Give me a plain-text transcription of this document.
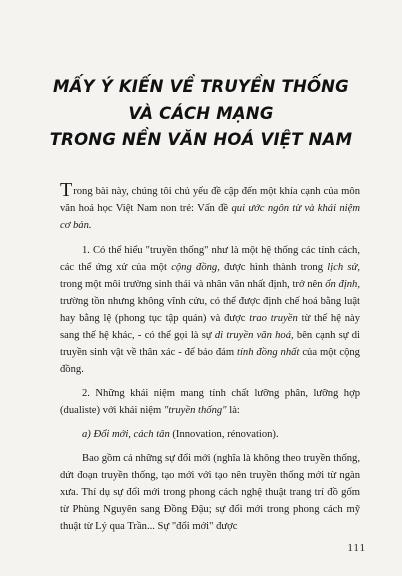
MẤY Ý KIẾN VỀ TRUYỀN THỐNG
VÀ CÁCH MẠNG
TRONG NỀN VĂN HOÁ VIỆT NAM

Trong bài này, chúng tôi chủ yếu đề cập đến một khía cạnh của môn văn hoá học Việt Nam non trẻ: Vấn đề qui ước ngôn từ và khái niệm cơ bản.

1. Có thể hiểu "truyền thống" như là một hệ thống các tính cách, các thể ứng xử của một cộng đồng, được hình thành trong lịch sử, trong một môi trường sinh thái và nhân văn nhất định, trở nên ổn định, trường tồn nhưng không vĩnh cửu, có thể được định chế hoá bằng luật hay bằng lệ (phong tục tập quán) và được trao truyền từ thế hệ này sang thế hệ khác, - có thể gọi là sự di truyền văn hoá, bên cạnh sự di truyền sinh vật về thân xác - để bảo đảm tính đồng nhất của một cộng đồng.

2. Những khái niệm mang tính chất lưỡng phân, lưỡng hợp (dualiste) với khái niệm "truyền thống" là:

a) Đổi mới, cách tân (Innovation, rénovation).

Bao gồm cả những sự đổi mới (nghĩa là không theo truyền thống, dứt đoạn truyền thống, tạo mới với tạo nên truyền thống mới từ ngàn xưa. Thí dụ sự đổi mới trong phong cách nghệ thuật trang trí đồ gốm từ Phùng Nguyên sang Đồng Đậu; sự đổi mới trong phong cách mỹ thuật từ Lý qua Trần... Sự "đổi mới" được

111
